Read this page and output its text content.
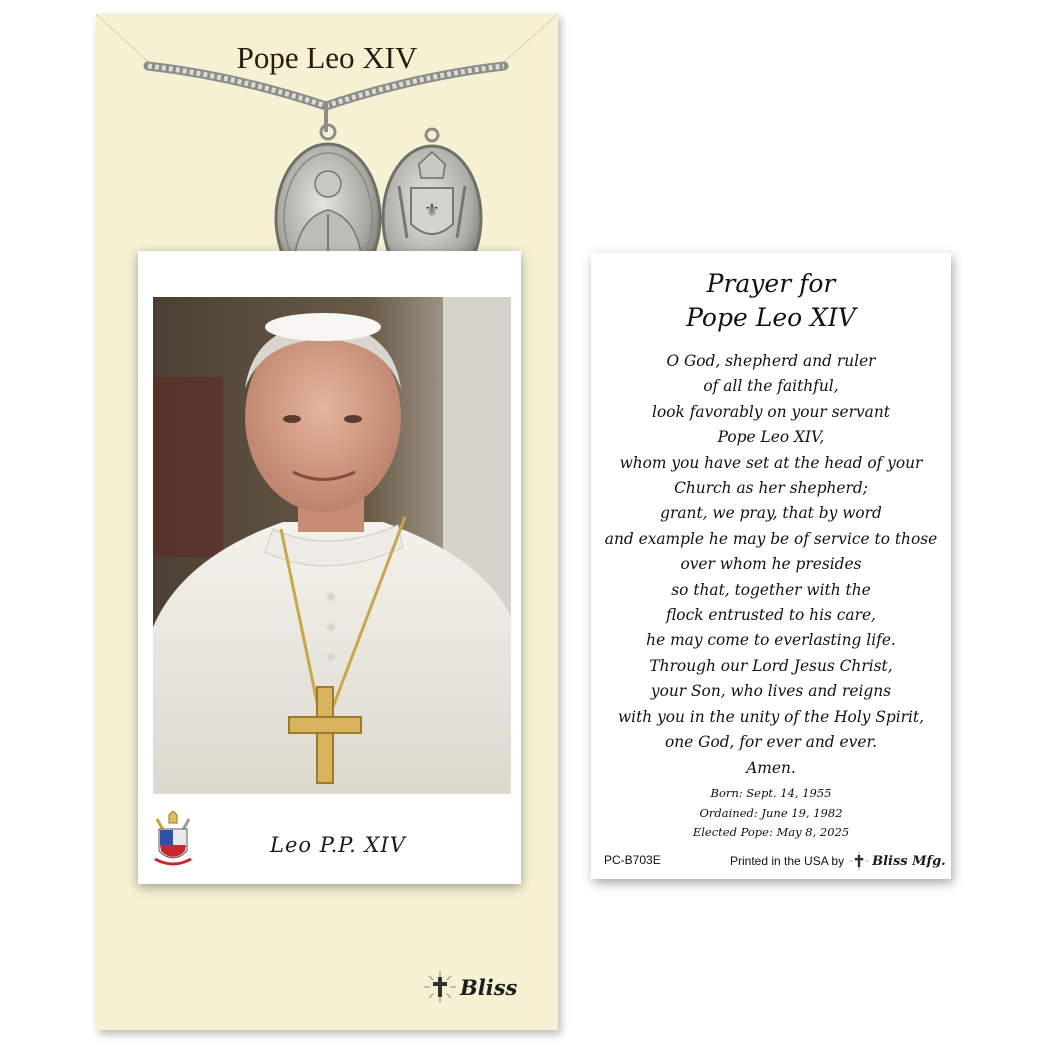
Pope Leo XIV
⚜
Leo P.P. XIV
Bliss
Prayer for
Pope Leo XIV
O God, shepherd and ruler
of all the faithful,
look favorably on your servant
Pope Leo XIV,
whom you have set at the head of your
Church as her shepherd;
grant, we pray, that by word
and example he may be of service to those
over whom he presides
so that, together with the
flock entrusted to his care,
he may come to everlasting life.
Through our Lord Jesus Christ,
your Son, who lives and reigns
with you in the unity of the Holy Spirit,
one God, for ever and ever.
Amen.
Born: Sept. 14, 1955
Ordained: June 19, 1982
Elected Pope: May 8, 2025
PC-B703E	Printed in the USA by Bliss Mfg.
